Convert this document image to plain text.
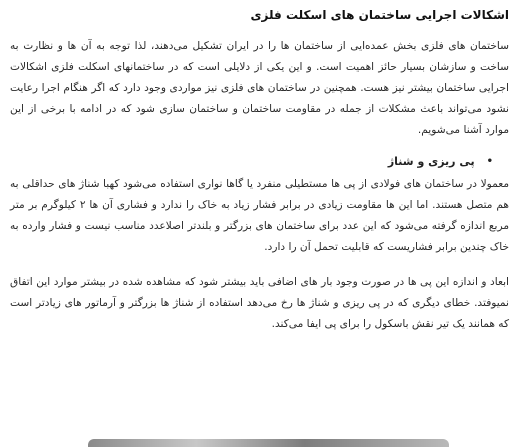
اشکالات اجرایی ساختمان های اسکلت فلزی

ساختمان های فلزی بخش عمده‌ایی از ساختمان ها را در ایران تشکیل می‌دهند، لذا توجه به آن ها و نظارت به ساخت و سازشان بسیار حائز اهمیت است. و این یکی از دلایلی است که در ساختمانهای اسکلت فلزی اشکالات اجرایی ساختمان بیشتر نیز هست. همچنین در ساختمان های فلزی نیز مواردی وجود دارد که اگر هنگام اجرا رعایت نشود می‌تواند باعث مشکلات از جمله در مقاومت ساختمان و ساختمان سازی شود که در ادامه با برخی از این موارد آشنا می‌شویم.

•
پی ریزی و شناژ

معمولا در ساختمان های فولادی از پی ها مستطیلی منفرد یا گاها نواری استفاده می‌شود کهبا شناژ های حداقلی به هم متصل هستند. اما این ها مقاومت زیادی در برابر فشار زیاد به خاک را ندارد و فشاری آن ها ۲ کیلوگرم بر متر مربع اندازه گرفته می‌شود که این عدد برای ساختمان های بزرگتر و بلندتر اصلاعدد مناسب نیست و فشار وارده به خاک چندین برابر فشاریست که قابلیت تحمل آن را دارد.

ابعاد و اندازه این پی ها در صورت وجود بار های اضافی باید بیشتر شود که مشاهده شده در بیشتر موارد این اتفاق نمیوفتد. خطای دیگری که در پی ریزی و شناژ ها رخ می‌دهد استفاده از شناژ ها بزرگتر و آرماتور های زیادتر است که همانند یک تیر نقش باسکول را برای پی ایفا می‌کند.
